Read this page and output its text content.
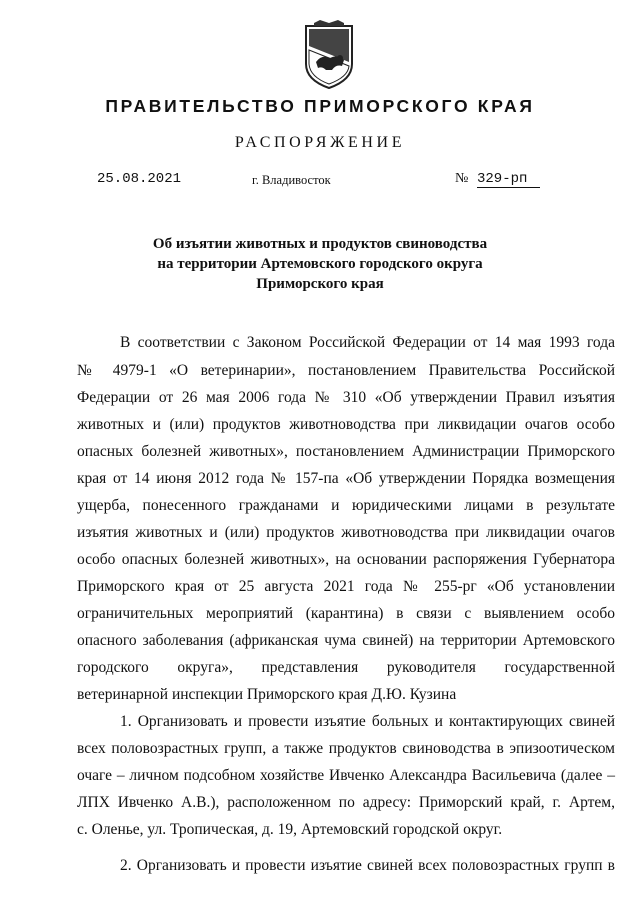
ПРАВИТЕЛЬСТВО ПРИМОРСКОГО КРАЯ
РАСПОРЯЖЕНИЕ
25.08.2021	г. Владивосток	№ 329-рп
Об изъятии животных и продуктов свиноводства
на территории Артемовского городского округа
Приморского края
В соответствии с Законом Российской Федерации от 14 мая 1993 года
№ 4979-1 «О ветеринарии», постановлением Правительства Российской
Федерации от 26 мая 2006 года № 310 «Об утверждении Правил изъятия
животных и (или) продуктов животноводства при ликвидации очагов особо
опасных болезней животных», постановлением Администрации Приморского
края от 14 июня 2012 года № 157-па «Об утверждении Порядка возмещения
ущерба, понесенного гражданами и юридическими лицами в результате
изъятия животных и (или) продуктов животноводства при ликвидации очагов
особо опасных болезней животных», на основании распоряжения Губернатора
Приморского края от 25 августа 2021 года № 255-рг «Об установлении
ограничительных мероприятий (карантина) в связи с выявлением особо
опасного заболевания (африканская чума свиней) на территории Артемовского
городского округа», представления руководителя государственной
ветеринарной инспекции Приморского края Д.Ю. Кузина
1. Организовать и провести изъятие больных и контактирующих свиней
всех половозрастных групп, а также продуктов свиноводства в эпизоотическом
очаге – личном подсобном хозяйстве Ивченко Александра Васильевича (далее –
ЛПХ Ивченко А.В.), расположенном по адресу: Приморский край, г. Артем,
с. Оленье, ул. Тропическая, д. 19, Артемовский городской округ.
2. Организовать и провести изъятие свиней всех половозрастных групп в
